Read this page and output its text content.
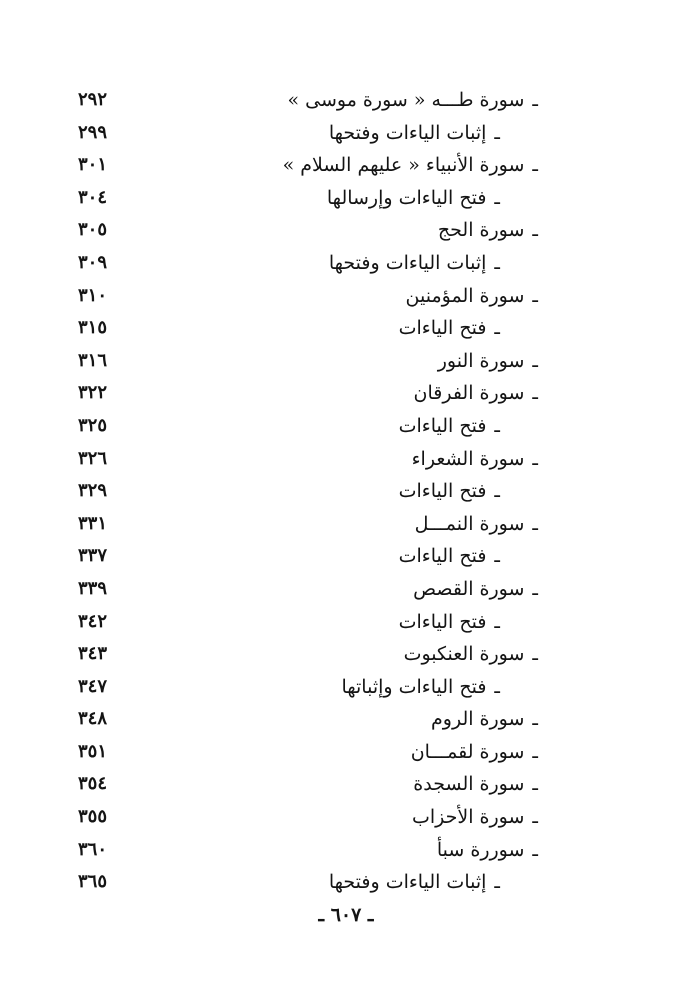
ـسورة طـــه « سورة موسى »
٢٩٢
ـإثبات الياءات وفتحها
٢٩٩
ـسورة الأنبياء « عليهم السلام »
٣٠١
ـفتح الياءات وإرسالها
٣٠٤
ـسورة الحج
٣٠٥
ـإثبات الياءات وفتحها
٣٠٩
ـسورة المؤمنين
٣١٠
ـفتح الياءات
٣١٥
ـسورة النور
٣١٦
ـسورة الفرقان
٣٢٢
ـفتح الياءات
٣٢٥
ـسورة الشعراء
٣٢٦
ـفتح الياءات
٣٢٩
ـسورة النمـــل
٣٣١
ـفتح الياءات
٣٣٧
ـسورة القصص
٣٣٩
ـفتح الياءات
٣٤٢
ـسورة العنكبوت
٣٤٣
ـفتح الياءات وإثباتها
٣٤٧
ـسورة الروم
٣٤٨
ـسورة لقمـــان
٣٥١
ـسورة السجدة
٣٥٤
ـسورة الأحزاب
٣٥٥
ـسوررة سبأ
٣٦٠
ـإثبات الياءات وفتحها
٣٦٥
ـ ٦٠٧ ـ
